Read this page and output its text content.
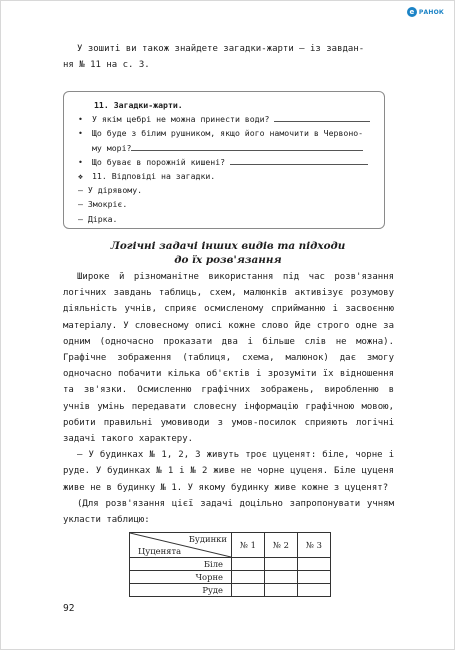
e РАНОК
У зошиті ви також знайдете загадки-жарти — із завдан-
ня № 11 на с. 3.
11. Загадки-жарти.
•	У якім цебрі не можна принести води?
•	Що буде з білим рушником, якщо його намочити в Червоно-
му морі?
•	Що буває в порожній кишені?
❖	11. Відповіді на загадки.
— У дірявому.
— Змокріє.
— Дірка.
Логічні задачі інших видів та підходи
до їх розв'язання

Широке й різноманітне використання під час розв'язання логічних завдань таблиць, схем, малюнків активізує розумову діяльність учнів, сприяє осмисленому сприйманню і засвоєнню матеріалу. У словесному описі кожне слово йде строго одне за одним (одночасно проказати два і більше слів не можна). Графічне зображення (таблиця, схема, малюнок) дає змогу одночасно побачити кілька об'єктів і зрозуміти їх відношення та зв'язки. Осмисленню графічних зображень, виробленню в учнів умінь передавати словесну інформацію графічною мовою, робити правильні умовиводи з умов-посилок сприяють логічні задачі такого характеру.

— У будинках № 1, 2, 3 живуть троє цуценят: біле, чорне і руде. У будинках № 1 і № 2 живе не чорне цуценя. Біле цуценя живе не в будинку № 1. У якому будинку живе кожне з цуценят?

(Для розв'язання цієї задачі доцільно запропонувати учням укласти таблицю:

Будинки
Цуценята	№ 1	№ 2	№ 3
Біле			
Чорне			
Руде			
92
